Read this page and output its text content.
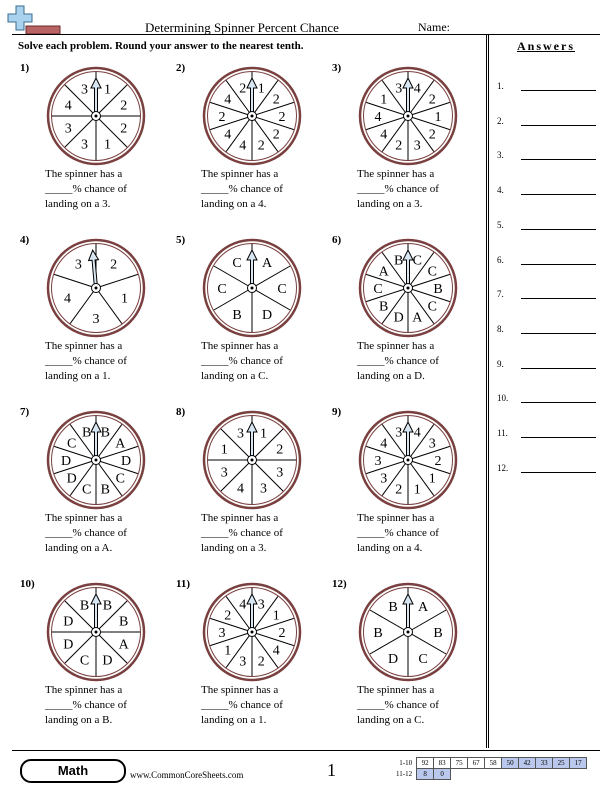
Determining Spinner Percent Chance	Name:
Solve each problem. Round your answer to the nearest tenth.	Answers
1.
2.
3.
4.
5.
6.
7.
8.
9.
10.
11.
12.
1)
1
2
2
1
3
3
4
3
The spinner has a
_____% chance of
landing on a 3.
2)
1
2
2
2
2
4
4
2
4
2
The spinner has a
_____% chance of
landing on a 4.
3)
4
2
1
2
3
2
4
4
1
3
The spinner has a
_____% chance of
landing on a 3.
4)
2
1
3
4
3
The spinner has a
_____% chance of
landing on a 1.
5)
A
C
D
B
C
C
The spinner has a
_____% chance of
landing on a C.
6)
C
C
B
C
A
D
B
C
A
B
The spinner has a
_____% chance of
landing on a D.
7)
B
A
D
C
B
C
D
D
C
B
The spinner has a
_____% chance of
landing on a A.
8)
1
2
3
3
4
3
1
3
The spinner has a
_____% chance of
landing on a 3.
9)
4
3
2
1
1
2
3
3
4
3
The spinner has a
_____% chance of
landing on a 4.
10)
B
B
A
D
C
D
D
B
The spinner has a
_____% chance of
landing on a B.
11)
3
1
2
4
2
3
1
3
2
4
The spinner has a
_____% chance of
landing on a 1.
12)
A
B
C
D
B
B
The spinner has a
_____% chance of
landing on a C.
Math	www.CommonCoreSheets.com	1	1-10	92	83	75	67	58	50	42	33	25	17
11-12	8	0								
